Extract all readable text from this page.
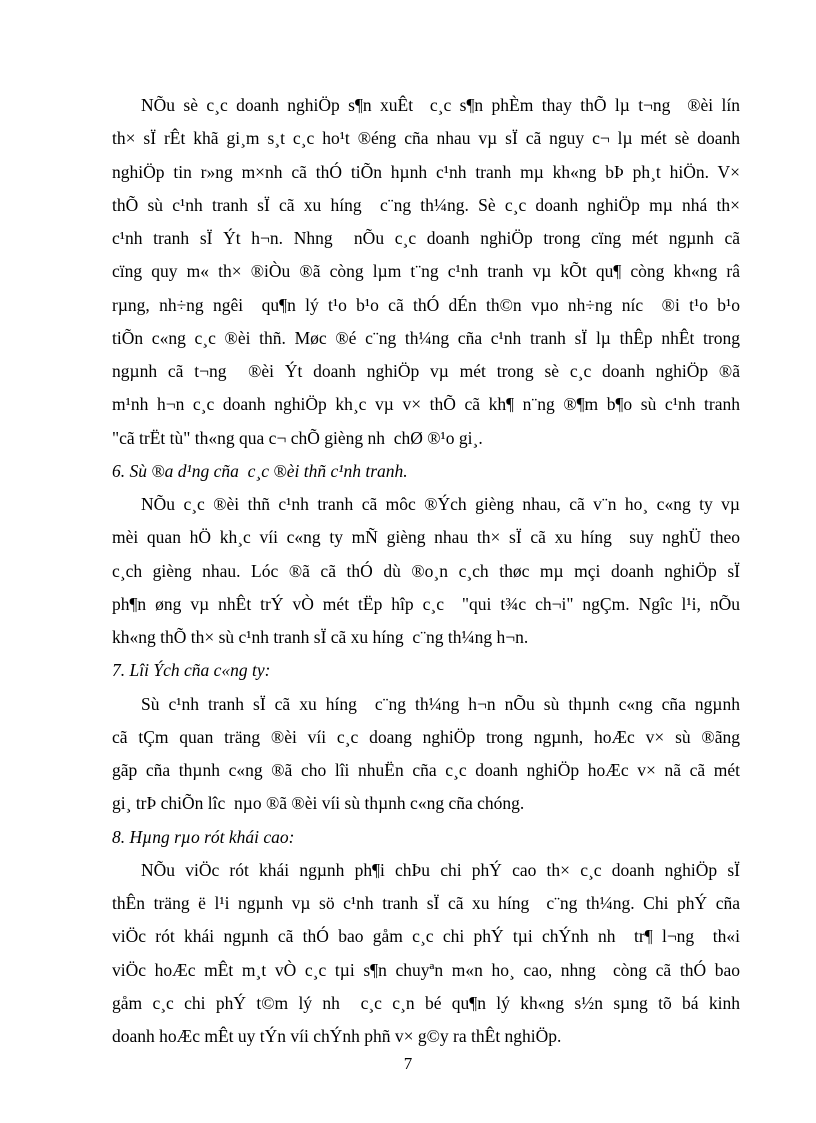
NÕu sè c¸c doanh nghiÖp s¶n xuÊt  c¸c s¶n phÈm thay thÕ lµ t¬ng  ®èi lín
th× sÏ rÊt khã gi¸m s¸t c¸c ho¹t ®éng cña nhau vµ sÏ cã nguy c¬ lµ mét sè doanh
nghiÖp tin r»ng m×nh cã thÓ tiÕn hµnh c¹nh tranh mµ kh«ng bÞ ph¸t hiÖn. V×
thÕ sù c¹nh tranh sÏ cã xu híng  c¨ng th¼ng. Sè c¸c doanh nghiÖp mµ nhá th×
c¹nh tranh sÏ Ýt h¬n. Nhng  nÕu c¸c doanh nghiÖp trong cïng mét ngµnh cã
cïng quy m« th× ®iÒu ®ã còng lµm t¨ng c¹nh tranh vµ kÕt qu¶ còng kh«ng râ
rµng, nh÷ng ngêi  qu¶n lý t¹o b¹o cã thÓ dÉn th©n vµo nh÷ng níc  ®i t¹o b¹o
tiÕn c«ng c¸c ®èi thñ. Møc ®é c¨ng th¼ng cña c¹nh tranh sÏ lµ thÊp nhÊt trong
ngµnh cã t¬ng  ®èi Ýt doanh nghiÖp vµ mét trong sè c¸c doanh nghiÖp ®ã
m¹nh h¬n c¸c doanh nghiÖp kh¸c vµ v× thÕ cã kh¶ n¨ng ®¶m b¶o sù c¹nh tranh
"cã trËt tù" th«ng qua c¬ chÕ gièng nh  chØ ®¹o gi¸.
6. Sù ®a d¹ng cña  c¸c ®èi thñ c¹nh tranh.
NÕu c¸c ®èi thñ c¹nh tranh cã môc ®Ých gièng nhau, cã v¨n ho¸ c«ng ty vµ
mèi quan hÖ kh¸c víi c«ng ty mÑ gièng nhau th× sÏ cã xu híng  suy nghÜ theo
c¸ch gièng nhau. Lóc ®ã cã thÓ dù ®o¸n c¸ch thøc mµ mçi doanh nghiÖp sÏ
ph¶n øng vµ nhÊt trÝ vÒ mét tËp hîp c¸c  "qui t¾c ch¬i" ngÇm. Ngîc l¹i, nÕu
kh«ng thÕ th× sù c¹nh tranh sÏ cã xu híng  c¨ng th¼ng h¬n.
7. Lîi Ých cña c«ng ty:
Sù c¹nh tranh sÏ cã xu híng  c¨ng th¼ng h¬n nÕu sù thµnh c«ng cña ngµnh
cã tÇm quan träng ®èi víi c¸c doang nghiÖp trong ngµnh, hoÆc v× sù ®ãng
gãp cña thµnh c«ng ®ã cho lîi nhuËn cña c¸c doanh nghiÖp hoÆc v× nã cã mét
gi¸ trÞ chiÕn lîc  nµo ®ã ®èi víi sù thµnh c«ng cña chóng.
8. Hµng rµo rót khái cao:
NÕu viÖc rót khái ngµnh ph¶i chÞu chi phÝ cao th× c¸c doanh nghiÖp sÏ
thÊn träng ë l¹i ngµnh vµ sö c¹nh tranh sÏ cã xu híng  c¨ng th¼ng. Chi phÝ cña
viÖc rót khái ngµnh cã thÓ bao gåm c¸c chi phÝ tµi chÝnh nh  tr¶ l¬ng  th«i
viÖc hoÆc mÊt m¸t vÒ c¸c tµi s¶n chuyªn m«n ho¸ cao, nhng  còng cã thÓ bao
gåm c¸c chi phÝ t©m lý nh  c¸c c¸n bé qu¶n lý kh«ng s½n sµng tõ bá kinh
doanh hoÆc mÊt uy tÝn víi chÝnh phñ v× g©y ra thÊt nghiÖp.
7
